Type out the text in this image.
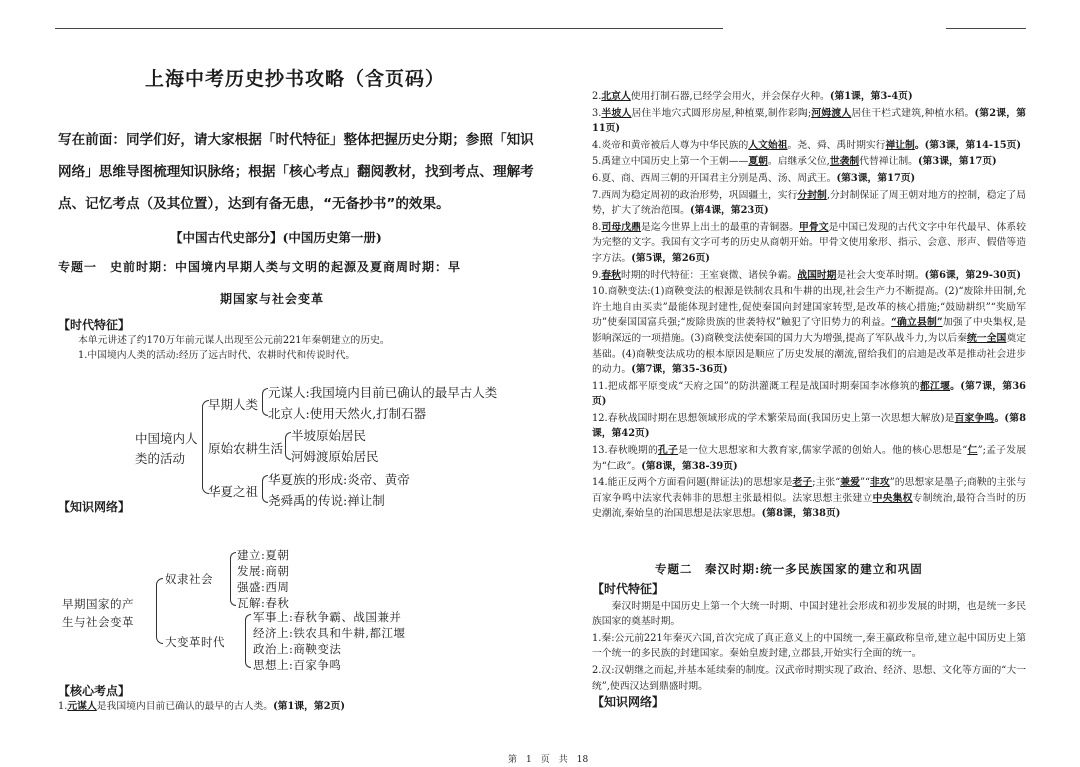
上海中考历史抄书攻略（含页码）
写在前面：同学们好，请大家根据「时代特征」整体把握历史分期；参照「知识网络」思维导图梳理知识脉络；根据「核心考点」翻阅教材，找到考点、理解考点、记忆考点（及其位置），达到有备无患，“无备抄书”的效果。
【中国古代史部分】(中国历史第一册)
专题一　史前时期：中国境内早期人类与文明的起源及夏商周时期：早
期国家与社会变革
【时代特征】
本单元讲述了约170万年前元谋人出现至公元前221年秦朝建立的历史。
1.中国境内人类的活动:经历了远古时代、农耕时代和传说时代。
中国境内人
类的活动
早期人类
原始农耕生活
华夏之祖
元谋人:我国境内目前已确认的最早古人类
北京人:使用天然火,打制石器
半坡原始居民
河姆渡原始居民
华夏族的形成:炎帝、黄帝
尧舜禹的传说:禅让制
【知识网络】
早期国家的产
生与社会变革
奴隶社会
大变革时代
建立:夏朝
发展:商朝
强盛:西周
瓦解:春秋
军事上:春秋争霸、战国兼并
经济上:铁农具和牛耕,都江堰
政治上:商鞅变法
思想上:百家争鸣
【核心考点】
1.元谋人是我国境内目前已确认的最早的古人类。(第1课，第2页)

2.北京人使用打制石器,已经学会用火，并会保存火种。(第1课，第3-4页)

3.半坡人居住半地穴式圆形房屋,种植粟,制作彩陶;河姆渡人居住干栏式建筑,种植水稻。(第2课，第11页)

4.炎帝和黄帝被后人尊为中华民族的人文始祖。尧、舜、禹时期实行禅让制。(第3课，第14-15页)

5.禹建立中国历史上第一个王朝——夏朝。启继承父位,世袭制代替禅让制。(第3课，第17页)

6.夏、商、西周三朝的开国君主分别是禹、汤、周武王。(第3课，第17页)

7.西周为稳定周初的政治形势，巩固疆土，实行分封制,分封制保证了周王朝对地方的控制，稳定了局势，扩大了统治范围。(第4课，第23页)

8.司母戊鼎是迄今世界上出土的最重的青铜器。甲骨文是中国已发现的古代文字中年代最早、体系较为完整的文字。我国有文字可考的历史从商朝开始。甲骨文使用象形、指示、会意、形声、假借等造字方法。(第5课，第26页)

9.春秋时期的时代特征：王室衰微、诸侯争霸。战国时期是社会大变革时期。(第6课，第29-30页)

10.商鞅变法:(1)商鞅变法的根源是铁制农具和牛耕的出现,社会生产力不断提高。(2)“废除井田制,允许土地自由买卖”最能体现封建性,促使秦国向封建国家转型,是改革的核心措施;“鼓励耕织”“奖励军功”使秦国国富兵强;“废除贵族的世袭特权”触犯了守旧势力的利益。“确立县制”加强了中央集权,是影响深远的一项措施。(3)商鞅变法使秦国的国力大为增强,提高了军队战斗力,为以后秦统一全国奠定基础。(4)商鞅变法成功的根本原因是顺应了历史发展的潮流,留给我们的启迪是改革是推动社会进步的动力。(第7课，第35-36页)

11.把成都平原变成“天府之国”的防洪灌溉工程是战国时期秦国李冰修筑的都江堰。(第7课，第36页)

12.春秋战国时期在思想领域形成的学术繁荣局面(我国历史上第一次思想大解放)是百家争鸣。(第8课，第42页)

13.春秋晚期的孔子是一位大思想家和大教育家,儒家学派的创始人。他的核心思想是“仁”;孟子发展为“仁政”。(第8课，第38-39页)

14.能正反两个方面看问题(辩证法)的思想家是老子;主张“兼爱”“非攻”的思想家是墨子;商鞅的主张与百家争鸣中法家代表韩非的思想主张最相似。法家思想主张建立中央集权专制统治,最符合当时的历史潮流,秦始皇的治国思想是法家思想。(第8课，第38页)

专题二　秦汉时期:统一多民族国家的建立和巩固

【时代特征】

秦汉时期是中国历史上第一个大统一时期、中国封建社会形成和初步发展的时期，也是统一多民族国家的奠基时期。

1.秦:公元前221年秦灭六国,首次完成了真正意义上的中国统一,秦王嬴政称皇帝,建立起中国历史上第一个统一的多民族的封建国家。秦始皇废封建,立郡县,开始实行全面的统一。

2.汉:汉朝继之而起,并基本延续秦的制度。汉武帝时期实现了政治、经济、思想、文化等方面的“大一统”,使西汉达到鼎盛时期。

【知识网络】

第　1　页　共　18
